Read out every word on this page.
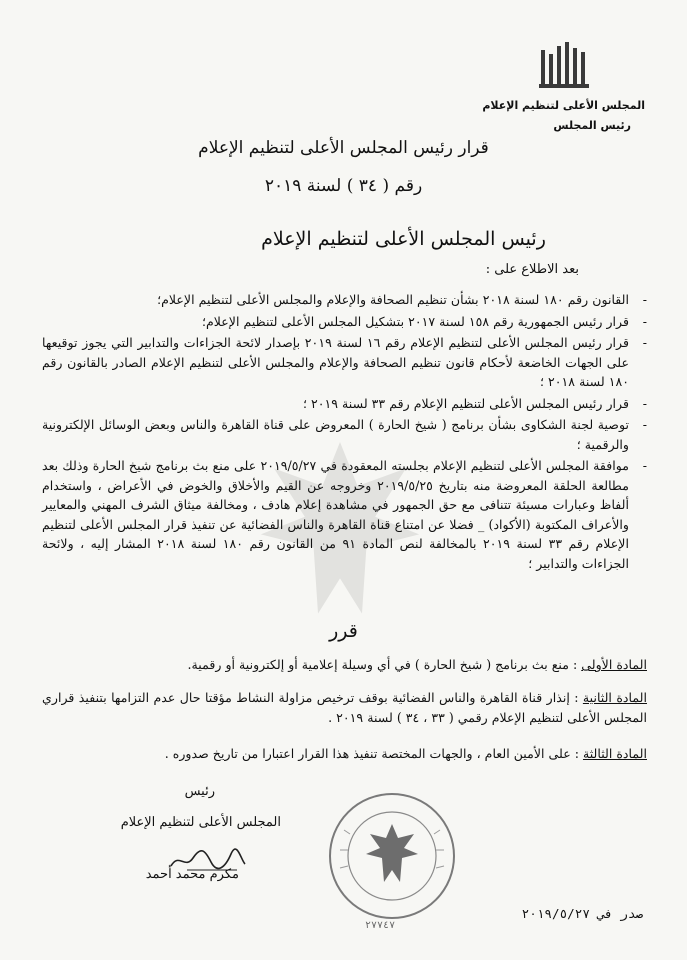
المجلس الأعلى لتنظيم الإعلام
رئيس المجلس
قرار رئيس المجلس الأعلى لتنظيم الإعلام
رقم ( ٣٤ ) لسنة ٢٠١٩
رئيس المجلس الأعلى لتنظيم الإعلام
بعد الاطلاع على :
-
القانون رقم ١٨٠ لسنة ٢٠١٨ بشأن تنظيم الصحافة والإعلام والمجلس الأعلى لتنظيم الإعلام؛
-
قرار رئيس الجمهورية رقم ١٥٨ لسنة ٢٠١٧ بتشكيل المجلس الأعلى لتنظيم الإعلام؛
-
قرار رئيس المجلس الأعلى لتنظيم الإعلام رقم ١٦ لسنة ٢٠١٩ بإصدار لائحة الجزاءات والتدابير التي يجوز توقيعها على الجهات الخاضعة لأحكام قانون تنظيم الصحافة والإعلام والمجلس الأعلى لتنظيم الإعلام الصادر بالقانون رقم ١٨٠ لسنة ٢٠١٨ ؛
-
قرار رئيس المجلس الأعلى لتنظيم الإعلام رقم ٣٣ لسنة ٢٠١٩ ؛
-
توصية لجنة الشكاوى بشأن برنامج ( شيخ الحارة ) المعروض على قناة القاهرة والناس وبعض الوسائل الإلكترونية والرقمية ؛
-
موافقة المجلس الأعلى لتنظيم الإعلام بجلسته المعقودة في ٢٠١٩/٥/٢٧ على منع بث برنامج شيخ الحارة وذلك بعد مطالعة الحلقة المعروضة منه بتاريخ ٢٠١٩/٥/٢٥ وخروجه عن القيم والأخلاق والخوض في الأعراض ، واستخدام ألفاظ وعبارات مسيئة تتنافى مع حق الجمهور في مشاهدة إعلام هادف ، ومخالفة ميثاق الشرف المهني والمعايير والأعراف المكتوبة (الأكواد) _ فضلا عن امتناع قناة القاهرة والناس الفضائية عن تنفيذ قرار المجلس الأعلى لتنظيم الإعلام رقم ٣٣ لسنة ٢٠١٩ بالمخالفة لنص المادة ٩١ من القانون رقم ١٨٠ لسنة ٢٠١٨ المشار إليه ، ولائحة الجزاءات والتدابير ؛
قرر
المادة الأولى : منع بث برنامج ( شيخ الحارة ) في أي وسيلة إعلامية أو إلكترونية أو رقمية.
المادة الثانية : إنذار قناة القاهرة والناس الفضائية بوقف ترخيص مزاولة النشاط مؤقتا حال عدم التزامها بتنفيذ قراري المجلس الأعلى لتنظيم الإعلام رقمي ( ٣٣ ، ٣٤ ) لسنة ٢٠١٩ .
المادة الثالثة : على الأمين العام ، والجهات المختصة تنفيذ هذا القرار اعتبارا من تاريخ صدوره .
رئيس
المجلس الأعلى لتنظيم الإعلام
مكرم محمد أحمد
٢٧٧٤٧
صدر في ٢٠١٩/٥/٢٧
